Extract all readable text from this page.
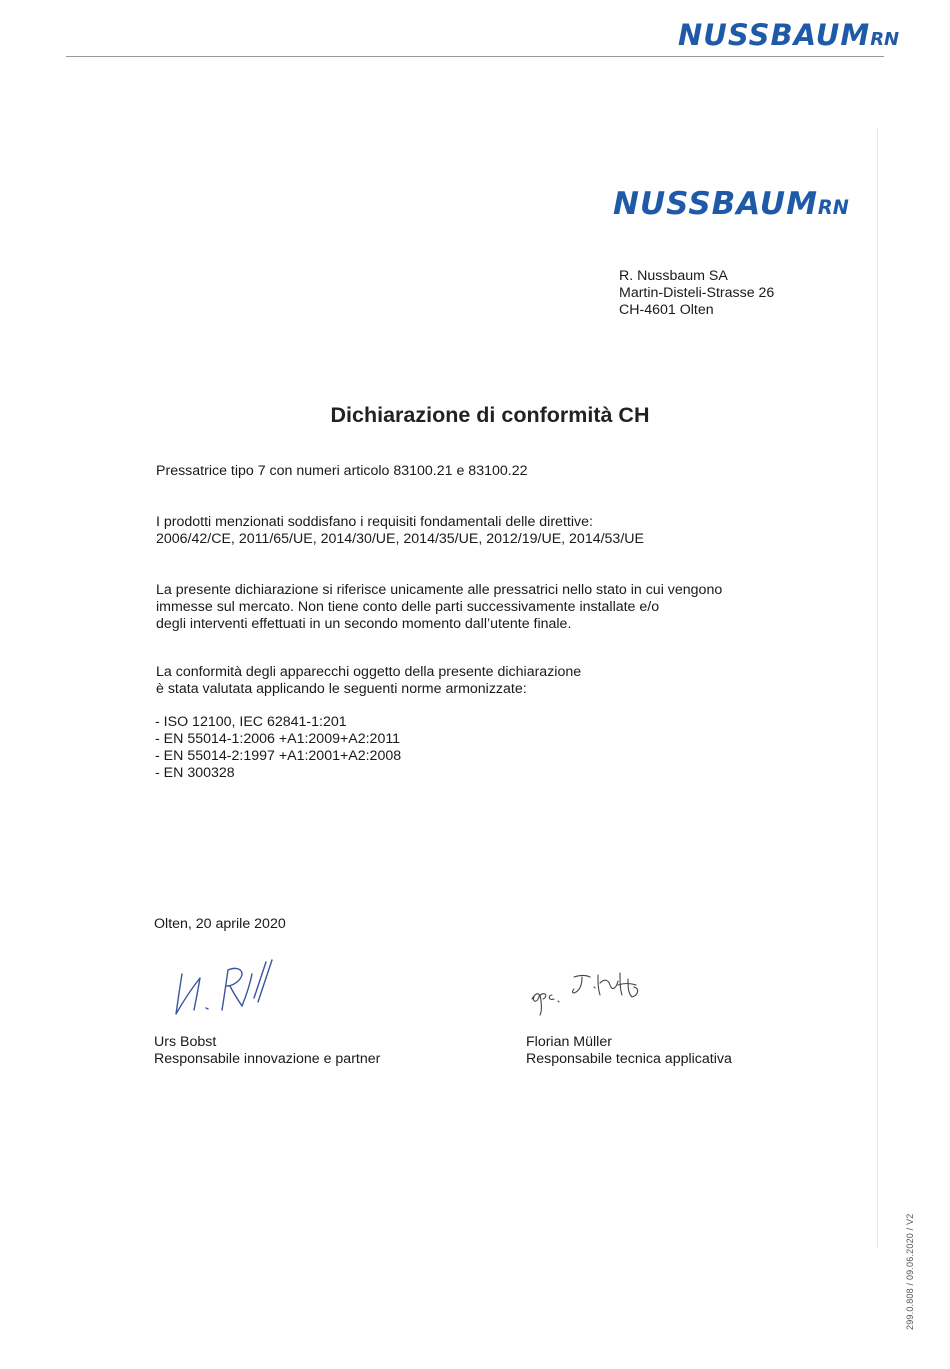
NUSSBAUMRN
NUSSBAUMRN
R. Nussbaum SA
Martin-Disteli-Strasse 26
CH-4601 Olten
Dichiarazione di conformità CH
Pressatrice tipo 7 con numeri articolo 83100.21 e 83100.22
I prodotti menzionati soddisfano i requisiti fondamentali delle direttive:
2006/42/CE, 2011/65/UE, 2014/30/UE, 2014/35/UE, 2012/19/UE, 2014/53/UE
La presente dichiarazione si riferisce unicamente alle pressatrici nello stato in cui vengono
immesse sul mercato. Non tiene conto delle parti successivamente installate e/o
degli interventi effettuati in un secondo momento dall’utente finale.
La conformità degli apparecchi oggetto della presente dichiarazione
è stata valutata applicando le seguenti norme armonizzate:
- ISO 12100, IEC 62841-1:201
- EN 55014-1:2006 +A1:2009+A2:2011
- EN 55014-2:1997 +A1:2001+A2:2008
- EN 300328
Olten, 20 aprile 2020
Urs Bobst
Responsabile innovazione e partner
Florian Müller
Responsabile tecnica applicativa
299.0.808 / 09.06.2020 / V2
